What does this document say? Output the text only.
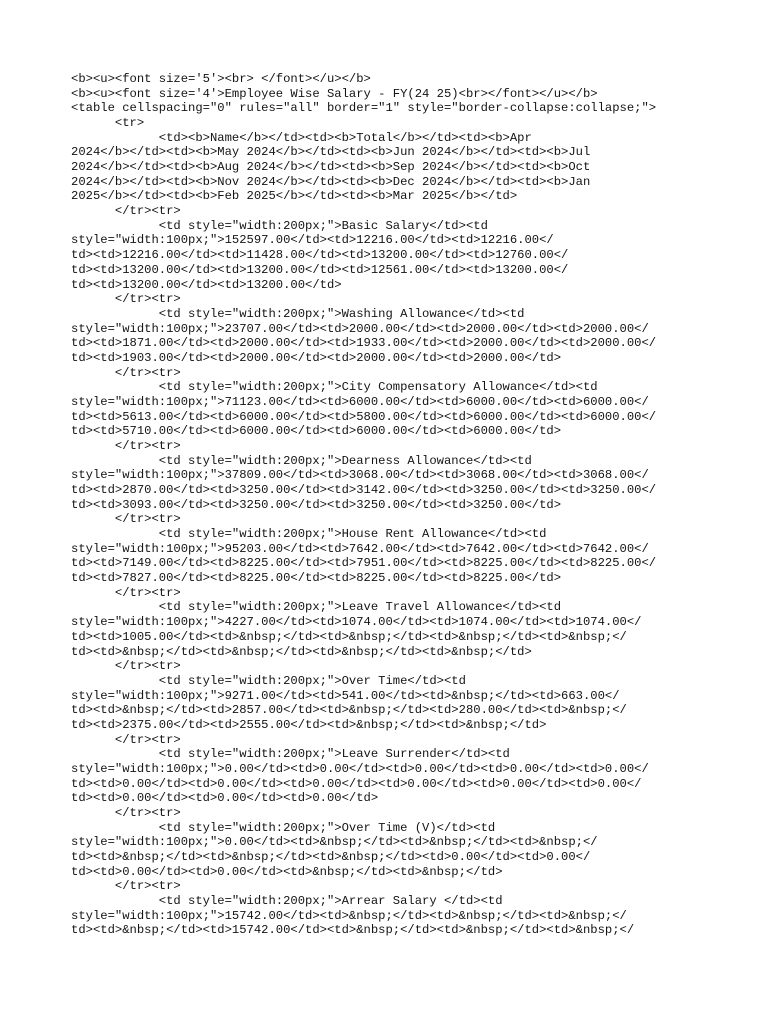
<b><u><font size='5'><br> </font></u></b>
<b><u><font size='4'>Employee Wise Salary - FY(24 25)<br></font></u></b>
<table cellspacing="0" rules="all" border="1" style="border-collapse:collapse;">
<tr>
<td><b>Name</b></td><td><b>Total</b></td><td><b>Apr
2024</b></td><td><b>May 2024</b></td><td><b>Jun 2024</b></td><td><b>Jul
2024</b></td><td><b>Aug 2024</b></td><td><b>Sep 2024</b></td><td><b>Oct
2024</b></td><td><b>Nov 2024</b></td><td><b>Dec 2024</b></td><td><b>Jan
2025</b></td><td><b>Feb 2025</b></td><td><b>Mar 2025</b></td>
</tr><tr>
<td style="width:200px;">Basic Salary</td><td
style="width:100px;">152597.00</td><td>12216.00</td><td>12216.00</
td><td>12216.00</td><td>11428.00</td><td>13200.00</td><td>12760.00</
td><td>13200.00</td><td>13200.00</td><td>12561.00</td><td>13200.00</
td><td>13200.00</td><td>13200.00</td>
</tr><tr>
<td style="width:200px;">Washing Allowance</td><td
style="width:100px;">23707.00</td><td>2000.00</td><td>2000.00</td><td>2000.00</
td><td>1871.00</td><td>2000.00</td><td>1933.00</td><td>2000.00</td><td>2000.00</
td><td>1903.00</td><td>2000.00</td><td>2000.00</td><td>2000.00</td>
</tr><tr>
<td style="width:200px;">City Compensatory Allowance</td><td
style="width:100px;">71123.00</td><td>6000.00</td><td>6000.00</td><td>6000.00</
td><td>5613.00</td><td>6000.00</td><td>5800.00</td><td>6000.00</td><td>6000.00</
td><td>5710.00</td><td>6000.00</td><td>6000.00</td><td>6000.00</td>
</tr><tr>
<td style="width:200px;">Dearness Allowance</td><td
style="width:100px;">37809.00</td><td>3068.00</td><td>3068.00</td><td>3068.00</
td><td>2870.00</td><td>3250.00</td><td>3142.00</td><td>3250.00</td><td>3250.00</
td><td>3093.00</td><td>3250.00</td><td>3250.00</td><td>3250.00</td>
</tr><tr>
<td style="width:200px;">House Rent Allowance</td><td
style="width:100px;">95203.00</td><td>7642.00</td><td>7642.00</td><td>7642.00</
td><td>7149.00</td><td>8225.00</td><td>7951.00</td><td>8225.00</td><td>8225.00</
td><td>7827.00</td><td>8225.00</td><td>8225.00</td><td>8225.00</td>
</tr><tr>
<td style="width:200px;">Leave Travel Allowance</td><td
style="width:100px;">4227.00</td><td>1074.00</td><td>1074.00</td><td>1074.00</
td><td>1005.00</td><td>&nbsp;</td><td>&nbsp;</td><td>&nbsp;</td><td>&nbsp;</
td><td>&nbsp;</td><td>&nbsp;</td><td>&nbsp;</td><td>&nbsp;</td>
</tr><tr>
<td style="width:200px;">Over Time</td><td
style="width:100px;">9271.00</td><td>541.00</td><td>&nbsp;</td><td>663.00</
td><td>&nbsp;</td><td>2857.00</td><td>&nbsp;</td><td>280.00</td><td>&nbsp;</
td><td>2375.00</td><td>2555.00</td><td>&nbsp;</td><td>&nbsp;</td>
</tr><tr>
<td style="width:200px;">Leave Surrender</td><td
style="width:100px;">0.00</td><td>0.00</td><td>0.00</td><td>0.00</td><td>0.00</
td><td>0.00</td><td>0.00</td><td>0.00</td><td>0.00</td><td>0.00</td><td>0.00</
td><td>0.00</td><td>0.00</td><td>0.00</td>
</tr><tr>
<td style="width:200px;">Over Time (V)</td><td
style="width:100px;">0.00</td><td>&nbsp;</td><td>&nbsp;</td><td>&nbsp;</
td><td>&nbsp;</td><td>&nbsp;</td><td>&nbsp;</td><td>0.00</td><td>0.00</
td><td>0.00</td><td>0.00</td><td>&nbsp;</td><td>&nbsp;</td>
</tr><tr>
<td style="width:200px;">Arrear Salary </td><td
style="width:100px;">15742.00</td><td>&nbsp;</td><td>&nbsp;</td><td>&nbsp;</
td><td>&nbsp;</td><td>15742.00</td><td>&nbsp;</td><td>&nbsp;</td><td>&nbsp;</
